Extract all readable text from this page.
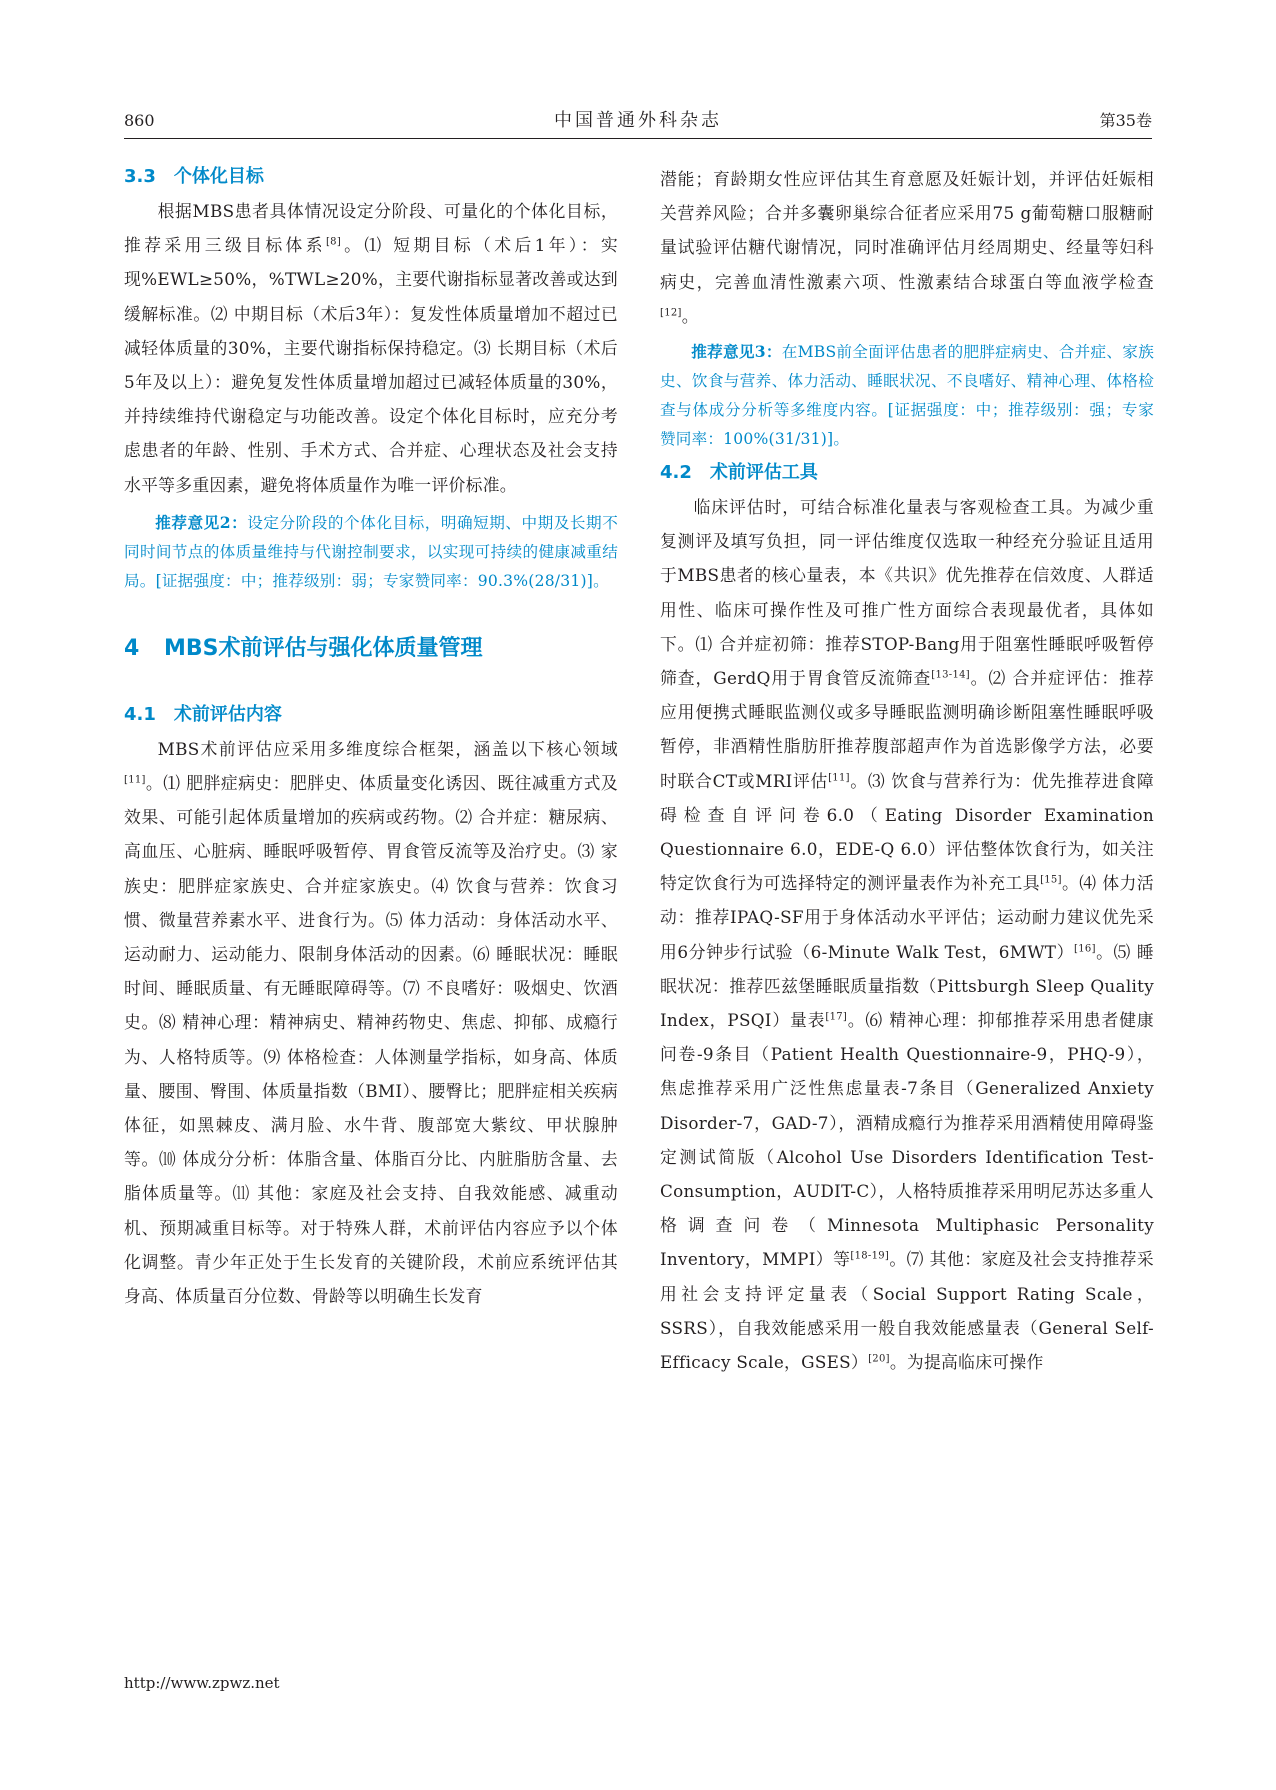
860	中国普通外科杂志	第35卷
3.3　个体化目标

根据MBS患者具体情况设定分阶段、可量化的个体化目标，推荐采用三级目标体系[8]。⑴ 短期目标（术后1年）：实现%EWL≥50%，%TWL≥20%，主要代谢指标显著改善或达到缓解标准。⑵ 中期目标（术后3年）：复发性体质量增加不超过已减轻体质量的30%，主要代谢指标保持稳定。⑶ 长期目标（术后5年及以上）：避免复发性体质量增加超过已减轻体质量的30%，并持续维持代谢稳定与功能改善。设定个体化目标时，应充分考虑患者的年龄、性别、手术方式、合并症、心理状态及社会支持水平等多重因素，避免将体质量作为唯一评价标准。

推荐意见2：设定分阶段的个体化目标，明确短期、中期及长期不同时间节点的体质量维持与代谢控制要求，以实现可持续的健康减重结局。[证据强度：中；推荐级别：弱；专家赞同率：90.3%(28/31)]。

4 MBS术前评估与强化体质量管理
4.1　术前评估内容

MBS术前评估应采用多维度综合框架，涵盖以下核心领域[11]。⑴ 肥胖症病史：肥胖史、体质量变化诱因、既往减重方式及效果、可能引起体质量增加的疾病或药物。⑵ 合并症：糖尿病、高血压、心脏病、睡眠呼吸暂停、胃食管反流等及治疗史。⑶ 家族史：肥胖症家族史、合并症家族史。⑷ 饮食与营养：饮食习惯、微量营养素水平、进食行为。⑸ 体力活动：身体活动水平、运动耐力、运动能力、限制身体活动的因素。⑹ 睡眠状况：睡眠时间、睡眠质量、有无睡眠障碍等。⑺ 不良嗜好：吸烟史、饮酒史。⑻ 精神心理：精神病史、精神药物史、焦虑、抑郁、成瘾行为、人格特质等。⑼ 体格检查：人体测量学指标，如身高、体质量、腰围、臀围、体质量指数（BMI）、腰臀比；肥胖症相关疾病体征，如黑棘皮、满月脸、水牛背、腹部宽大紫纹、甲状腺肿等。⑽ 体成分分析：体脂含量、体脂百分比、内脏脂肪含量、去脂体质量等。⑾ 其他：家庭及社会支持、自我效能感、减重动机、预期减重目标等。对于特殊人群，术前评估内容应予以个体化调整。青少年正处于生长发育的关键阶段，术前应系统评估其身高、体质量百分位数、骨龄等以明确生长发育

潜能；育龄期女性应评估其生育意愿及妊娠计划，并评估妊娠相关营养风险；合并多囊卵巢综合征者应采用75 g葡萄糖口服糖耐量试验评估糖代谢情况，同时准确评估月经周期史、经量等妇科病史，完善血清性激素六项、性激素结合球蛋白等血液学检查[12]。

推荐意见3：在MBS前全面评估患者的肥胖症病史、合并症、家族史、饮食与营养、体力活动、睡眠状况、不良嗜好、精神心理、体格检查与体成分分析等多维度内容。[证据强度：中；推荐级别：强；专家赞同率：100%(31/31)]。

4.2　术前评估工具

临床评估时，可结合标准化量表与客观检查工具。为减少重复测评及填写负担，同一评估维度仅选取一种经充分验证且适用于MBS患者的核心量表，本《共识》优先推荐在信效度、人群适用性、临床可操作性及可推广性方面综合表现最优者，具体如下。⑴ 合并症初筛：推荐STOP-Bang用于阻塞性睡眠呼吸暂停筛查，GerdQ用于胃食管反流筛查[13-14]。⑵ 合并症评估：推荐应用便携式睡眠监测仪或多导睡眠监测明确诊断阻塞性睡眠呼吸暂停，非酒精性脂肪肝推荐腹部超声作为首选影像学方法，必要时联合CT或MRI评估[11]。⑶ 饮食与营养行为：优先推荐进食障碍检查自评问卷6.0（Eating Disorder Examination Questionnaire 6.0，EDE-Q 6.0）评估整体饮食行为，如关注特定饮食行为可选择特定的测评量表作为补充工具[15]。⑷ 体力活动：推荐IPAQ-SF用于身体活动水平评估；运动耐力建议优先采用6分钟步行试验（6-Minute Walk Test，6MWT）[16]。⑸ 睡眠状况：推荐匹兹堡睡眠质量指数（Pittsburgh Sleep Quality Index，PSQI）量表[17]。⑹ 精神心理：抑郁推荐采用患者健康问卷-9条目（Patient Health Questionnaire-9，PHQ-9），焦虑推荐采用广泛性焦虑量表-7条目（Generalized Anxiety Disorder-7，GAD-7），酒精成瘾行为推荐采用酒精使用障碍鉴定测试简版（Alcohol Use Disorders Identification Test-Consumption，AUDIT-C），人格特质推荐采用明尼苏达多重人格调查问卷（Minnesota Multiphasic Personality Inventory，MMPI）等[18-19]。⑺ 其他：家庭及社会支持推荐采用社会支持评定量表（Social Support Rating Scale，SSRS），自我效能感采用一般自我效能感量表（General Self-Efficacy Scale，GSES）[20]。为提高临床可操作

http://www.zpwz.net
